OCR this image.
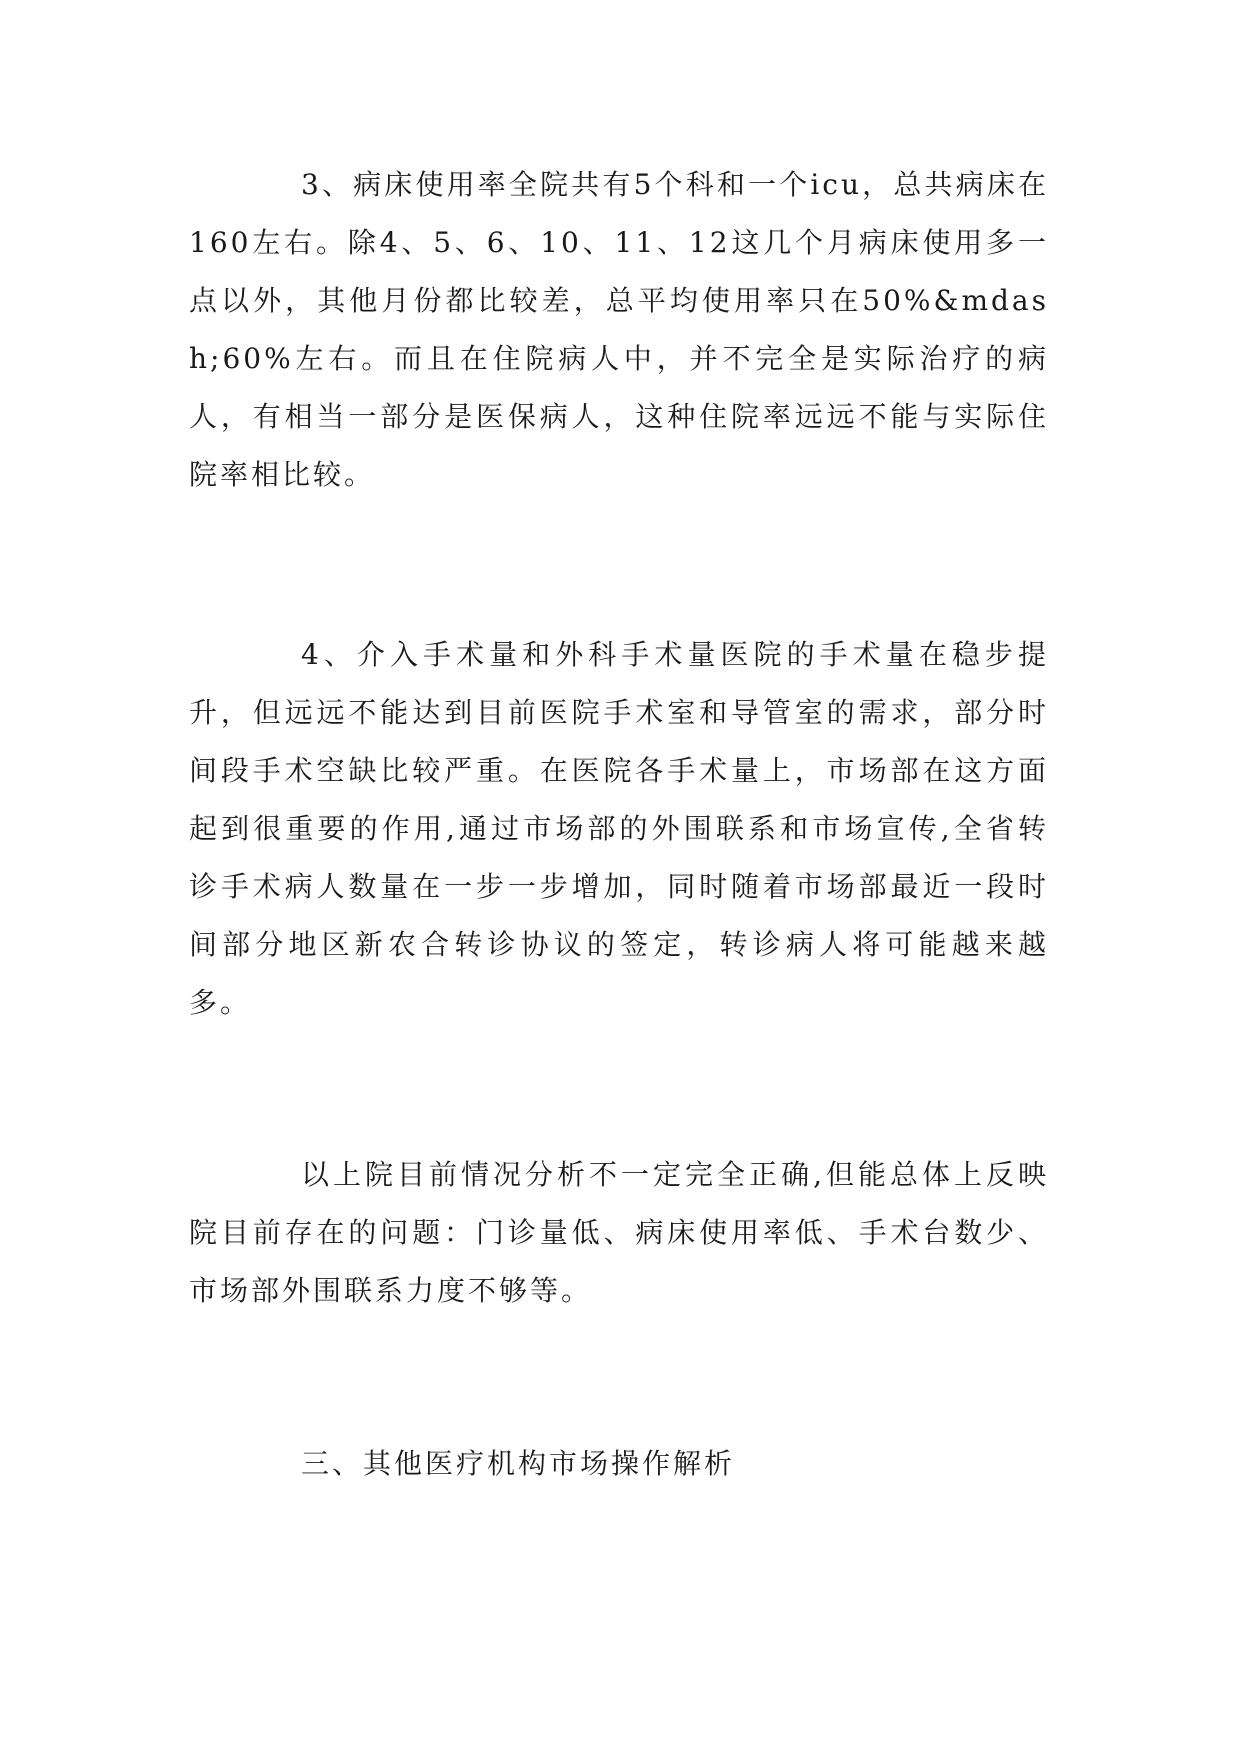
3、病床使用率全院共有5个科和一个icu，总共病床在160左右。除4、5、6、10、11、12这几个月病床使用多一点以外，其他月份都比较差，总平均使用率只在50%&mdash;60%左右。而且在住院病人中，并不完全是实际治疗的病人，有相当一部分是医保病人，这种住院率远远不能与实际住院率相比较。

4、介入手术量和外科手术量医院的手术量在稳步提升，但远远不能达到目前医院手术室和导管室的需求，部分时间段手术空缺比较严重。在医院各手术量上，市场部在这方面起到很重要的作用,通过市场部的外围联系和市场宣传,全省转诊手术病人数量在一步一步增加，同时随着市场部最近一段时间部分地区新农合转诊协议的签定，转诊病人将可能越来越多。

以上院目前情况分析不一定完全正确,但能总体上反映院目前存在的问题：门诊量低、病床使用率低、手术台数少、市场部外围联系力度不够等。

三、其他医疗机构市场操作解析
